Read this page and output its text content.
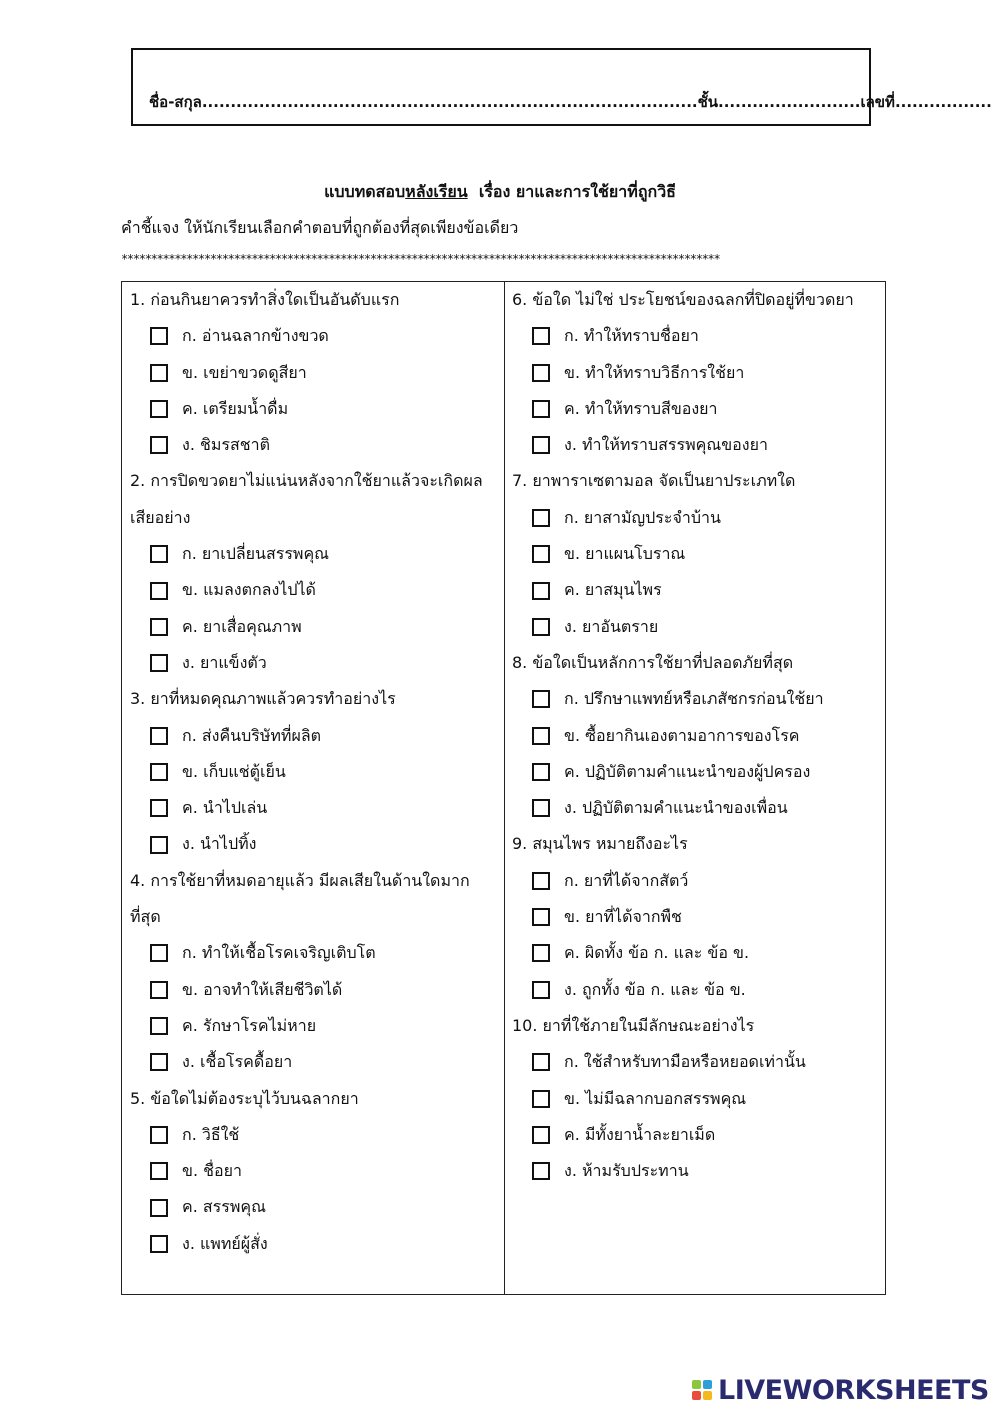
ชื่อ-สกุล.......................................................................................ชั้น.........................เลขที่.................
แบบทดสอบหลังเรียน  เรื่อง ยาและการใช้ยาที่ถูกวิธี
คำชี้แจง ให้นักเรียนเลือกคำตอบที่ถูกต้องที่สุดเพียงข้อเดียว
*****************************************************************************************************
1. ก่อนกินยาควรทำสิ่งใดเป็นอันดับแรก
ก. อ่านฉลากข้างขวด
ข. เขย่าขวดดูสียา
ค. เตรียมน้ำดื่ม
ง. ชิมรสชาติ
2. การปิดขวดยาไม่แน่นหลังจากใช้ยาแล้วจะเกิดผลเสียอย่าง
ก. ยาเปลี่ยนสรรพคุณ
ข. แมลงตกลงไปได้
ค. ยาเสื่อคุณภาพ
ง. ยาแข็งตัว
3. ยาที่หมดคุณภาพแล้วควรทำอย่างไร
ก. ส่งคืนบริษัทที่ผลิต
ข. เก็บแช่ตู้เย็น
ค. นำไปเล่น
ง. นำไปทิ้ง
4. การใช้ยาที่หมดอายุแล้ว มีผลเสียในด้านใดมากที่สุด
ก. ทำให้เชื้อโรคเจริญเติบโต
ข. อาจทำให้เสียชีวิตได้
ค. รักษาโรคไม่หาย
ง. เชื้อโรคดื้อยา
5. ข้อใดไม่ต้องระบุไว้บนฉลากยา
ก. วิธีใช้
ข. ชื่อยา
ค. สรรพคุณ
ง. แพทย์ผู้สั่ง
6. ข้อใด ไม่ใช่ ประโยชน์ของฉลกที่ปิดอยู่ที่ขวดยา
ก. ทำให้ทราบชื่อยา
ข. ทำให้ทราบวิธีการใช้ยา
ค. ทำให้ทราบสีของยา
ง. ทำให้ทราบสรรพคุณของยา
7. ยาพาราเซตามอล จัดเป็นยาประเภทใด
ก. ยาสามัญประจำบ้าน
ข. ยาแผนโบราณ
ค. ยาสมุนไพร
ง. ยาอันตราย
8. ข้อใดเป็นหลักการใช้ยาที่ปลอดภัยที่สุด
ก. ปรึกษาแพทย์หรือเภสัชกรก่อนใช้ยา
ข. ซื้อยากินเองตามอาการของโรค
ค. ปฏิบัติตามคำแนะนำของผู้ปครอง
ง. ปฏิบัติตามคำแนะนำของเพื่อน
9. สมุนไพร หมายถึงอะไร
ก. ยาที่ได้จากสัตว์
ข. ยาที่ได้จากพืช
ค. ผิดทั้ง ข้อ ก. และ ข้อ ข.
ง. ถูกทั้ง ข้อ ก. และ ข้อ ข.
10. ยาที่ใช้ภายในมีลักษณะอย่างไร
ก. ใช้สำหรับทามือหรือหยอดเท่านั้น
ข. ไม่มีฉลากบอกสรรพคุณ
ค. มีทั้งยาน้ำละยาเม็ด
ง. ห้ามรับประทาน
LIVEWORKSHEETS
